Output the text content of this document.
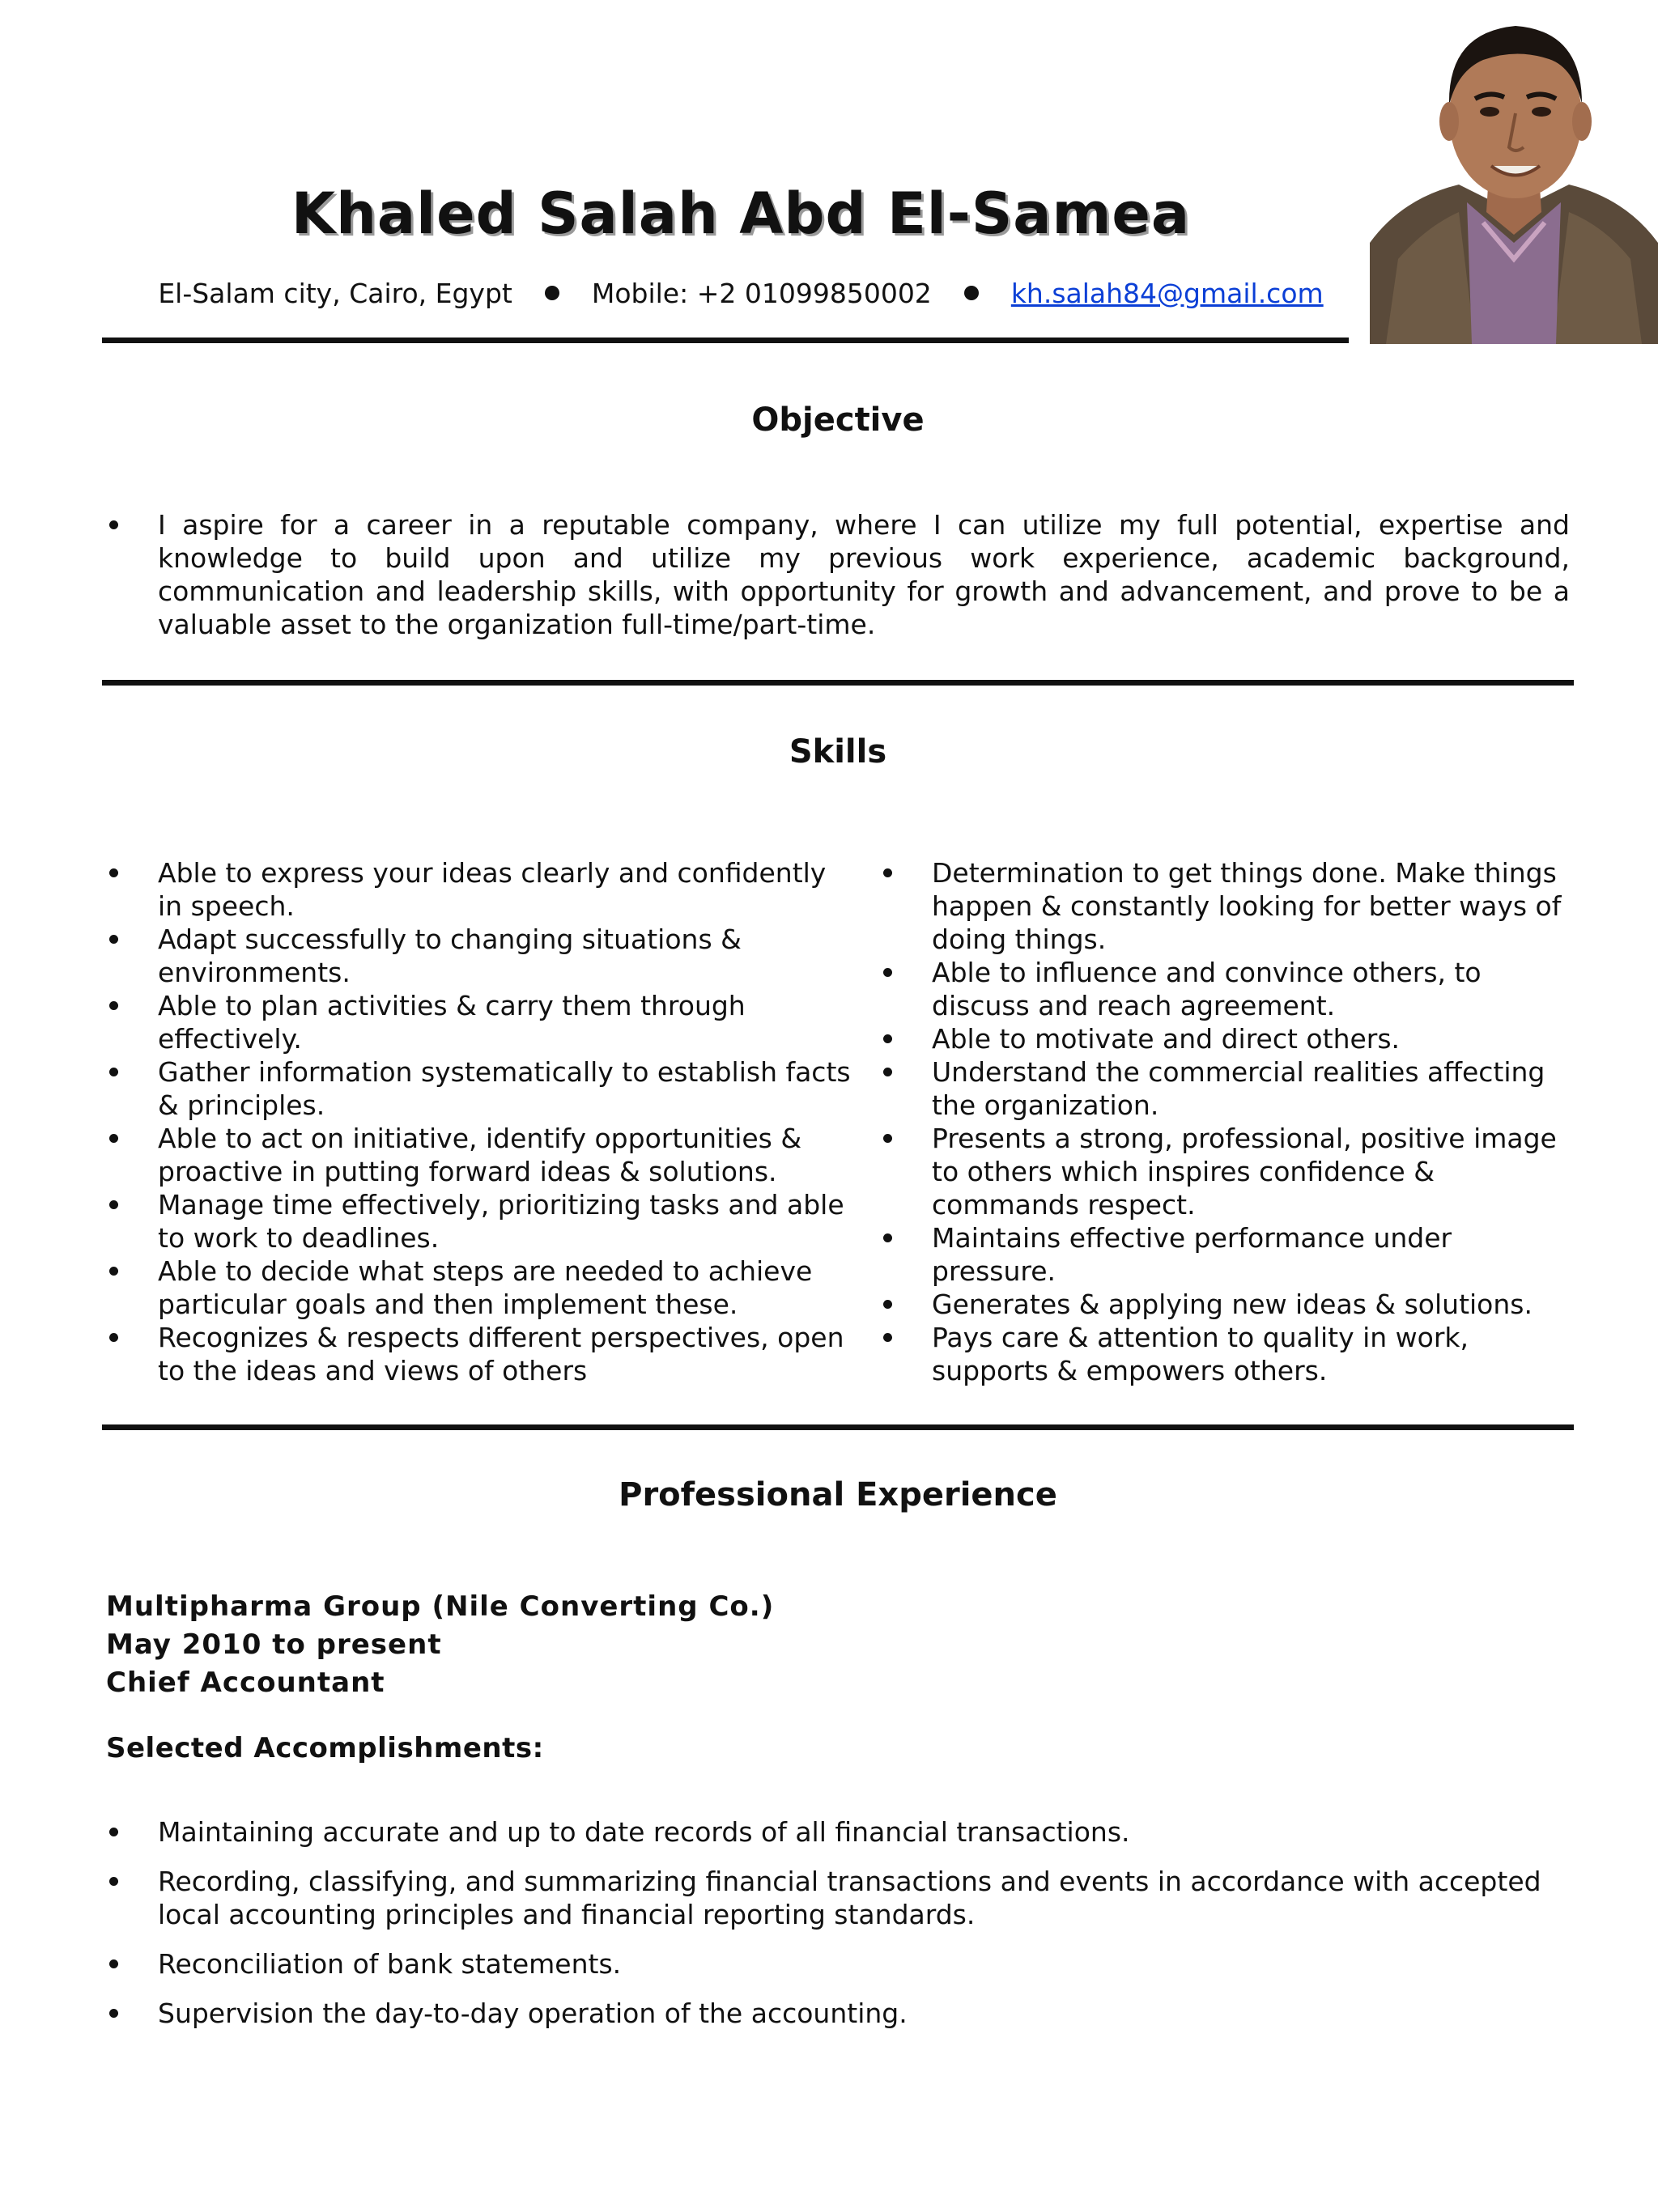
Khaled Salah Abd El-Samea
El-Salam city, Cairo, Egypt	Mobile: +2 01099850002	kh.salah84@gmail.com
Objective
I aspire for a career in a reputable company, where I can utilize my full potential, expertise and knowledge to build upon and utilize my previous work experience, academic background, communication and leadership skills, with opportunity for growth and advancement, and prove to be a valuable asset to the organization full-time/part-time.
Skills
Able to express your ideas clearly and confidently in speech.
Adapt successfully to changing situations & environments.
Able to plan activities & carry them through effectively.
Gather information systematically to establish facts & principles.
Able to act on initiative, identify opportunities & proactive in putting forward ideas & solutions.
Manage time effectively, prioritizing tasks and able to work to deadlines.
Able to decide what steps are needed to achieve particular goals and then implement these.
Recognizes & respects different perspectives, open to the ideas and views of others
Determination to get things done. Make things happen & constantly looking for better ways of doing things.
Able to influence and convince others, to discuss and reach agreement.
Able to motivate and direct others.
Understand the commercial realities affecting the organization.
Presents a strong, professional, positive image to others which inspires confidence & commands respect.
Maintains effective performance under pressure.
Generates & applying new ideas & solutions.
Pays care & attention to quality in work, supports & empowers others.
Professional Experience
Multipharma Group (Nile Converting Co.)
May 2010 to present
Chief Accountant
Selected Accomplishments:
Maintaining accurate and up to date records of all financial transactions.
Recording, classifying, and summarizing financial transactions and events in accordance with accepted local accounting principles and financial reporting standards.
Reconciliation of bank statements.
Supervision the day-to-day operation of the accounting.
